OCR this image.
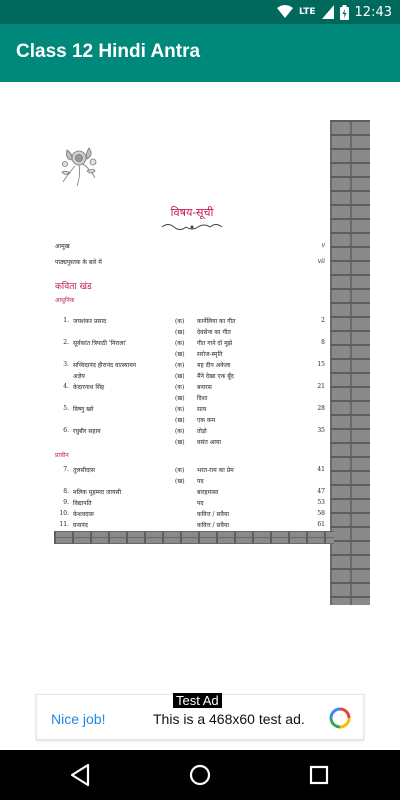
LTE	12:43
Class 12 Hindi Antra
विषय-सूची
आमुख	v
पाठ्यपुस्तक के बारे में	vii
कविता खंड
आधुनिक
प्राचीन
1. जयशंकर प्रसाद	(क) कार्नेलिया का गीत	2
(ख) देवसेना का गीत
2. सूर्यकांत त्रिपाठी 'निराला'	(क) गीत गाने दो मुझे	8
(ख) सरोज-स्मृति
3. सच्चिदानंद हीरानंद वात्स्यायन	(क) यह दीप अकेला	15
अज्ञेय	(ख) मैंने देखा एक बूँद
4. केदारनाथ सिंह	(क) बनारस	21
(ख) दिशा
5. विष्णु खरे	(क) सत्य	28
(ख) एक कम
6. रघुबीर सहाय	(क) तोड़ो	35
(ख) वसंत आया
7. तुलसीदास	(क) भरत-राम का प्रेम	41
(ख) पद
8. मलिक मुहम्मद जायसी	बारहमासा	47
9. विद्यापति	पद	53
10. केशवदास	कवित्त / सवैया	58
11. घनानंद	कवित्त / सवैया	61
Test Ad
Nice job!	This is a 468x60 test ad.
